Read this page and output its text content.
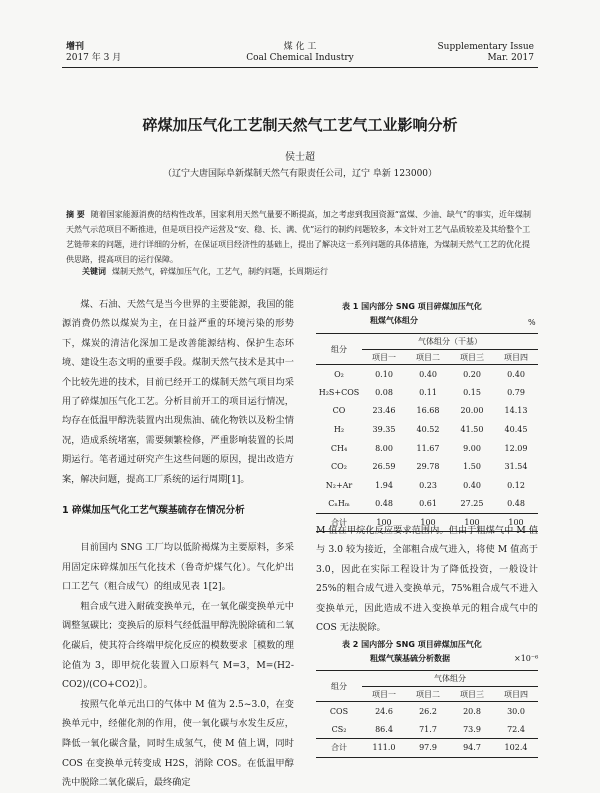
增刊
2017 年 3 月
煤 化 工
Coal Chemical Industry
Supplementary Issue
Mar. 2017
碎煤加压气化工艺制天然气工艺气工业影响分析
侯士超
（辽宁大唐国际阜新煤制天然气有限责任公司，辽宁 阜新 123000）
摘 要 随着国家能源消费的结构性改革，国家利用天然气量要不断提高，加之考虑到我国资源“富煤、少油、缺气”的事实，近年煤制天然气示范项目不断推进，但是项目投产运营及“安、稳、长、满、优”运行的制约问题较多，本文针对工艺气品质较差及其给整个工艺链带来的问题，进行详细的分析，在保证项目经济性的基础上，提出了解决这一系列问题的具体措施，为煤制天然气工艺的优化提供思路，提高项目的运行保障。
关键词 煤制天然气，碎煤加压气化，工艺气，制约问题，长周期运行

煤、石油、天然气是当今世界的主要能源，我国的能源消费仍然以煤炭为主，在日益严重的环境污染的形势下，煤炭的清洁化深加工是改善能源结构、保护生态环境、建设生态文明的重要手段。煤制天然气技术是其中一个比较先进的技术，目前已经开工的煤制天然气项目均采用了碎煤加压气化工艺。分析目前开工的项目运行情况，均存在低温甲醇洗装置内出现焦油、硫化物铁以及粉尘情况，造成系统堵塞，需要频繁检修，严重影响装置的长周期运行。笔者通过研究产生这些问题的原因，提出改造方案，解决问题，提高工厂系统的运行周期[1]。

1 碎煤加压气化工艺气羰基硫存在情况分析

目前国内 SNG 工厂均以低阶褐煤为主要原料，多采用固定床碎煤加压气化技术（鲁奇炉煤气化）。气化炉出口工艺气（粗合成气）的组成见表 1[2]。

粗合成气进入耐硫变换单元，在一氧化碳变换单元中调整氢碳比；变换后的原料气经低温甲醇洗脱除硫和二氧化碳后，使其符合终端甲烷化反应的模数要求［模数的理论值为 3，即甲烷化装置入口原料气 M=3，M=(H2-CO2)/(CO+CO2)］。

按照气化单元出口的气体中 M 值为 2.5~3.0，在变换单元中，经催化剂的作用，使一氧化碳与水发生反应，降低一氧化碳含量，同时生成氢气，使 M 值上调，同时 COS 在变换单元转变成 H2S，消除 COS。在低温甲醇洗中脱除二氧化碳后，最终确定

表 1 国内部分 SNG 项目碎煤加压气化
粗煤气体组分	%
组分	气体组分（干基）			
	项目一	项目二	项目三	项目四
O₂	0.10	0.40	0.20	0.40
H₂S+COS	0.08	0.11	0.15	0.79
CO	23.46	16.68	20.00	14.13
H₂	39.35	40.52	41.50	40.45
CH₄	8.00	11.67	9.00	12.09
CO₂	26.59	29.78	1.50	31.54
N₂+Ar	1.94	0.23	0.40	0.12
CₙHₘ	0.48	0.61	27.25	0.48
合计	100	100	100	100

M 值在甲烷化反应要求范围内。但由于粗煤气中 M 值与 3.0 较为接近，全部粗合成气进入，将使 M 值高于 3.0，因此在实际工程设计为了降低投资，一般设计 25%的粗合成气进入变换单元，75%粗合成气不进入变换单元，因此造成不进入变换单元的粗合成气中的 COS 无法脱除。

表 2 国内部分 SNG 项目碎煤加压气化
粗煤气羰基硫分析数据	×10⁻⁶
组分	气体组分			
	项目一	项目二	项目三	项目四
COS	24.6	26.2	20.8	30.0
CS₂	86.4	71.7	73.9	72.4
合计	111.0	97.9	94.7	102.4
